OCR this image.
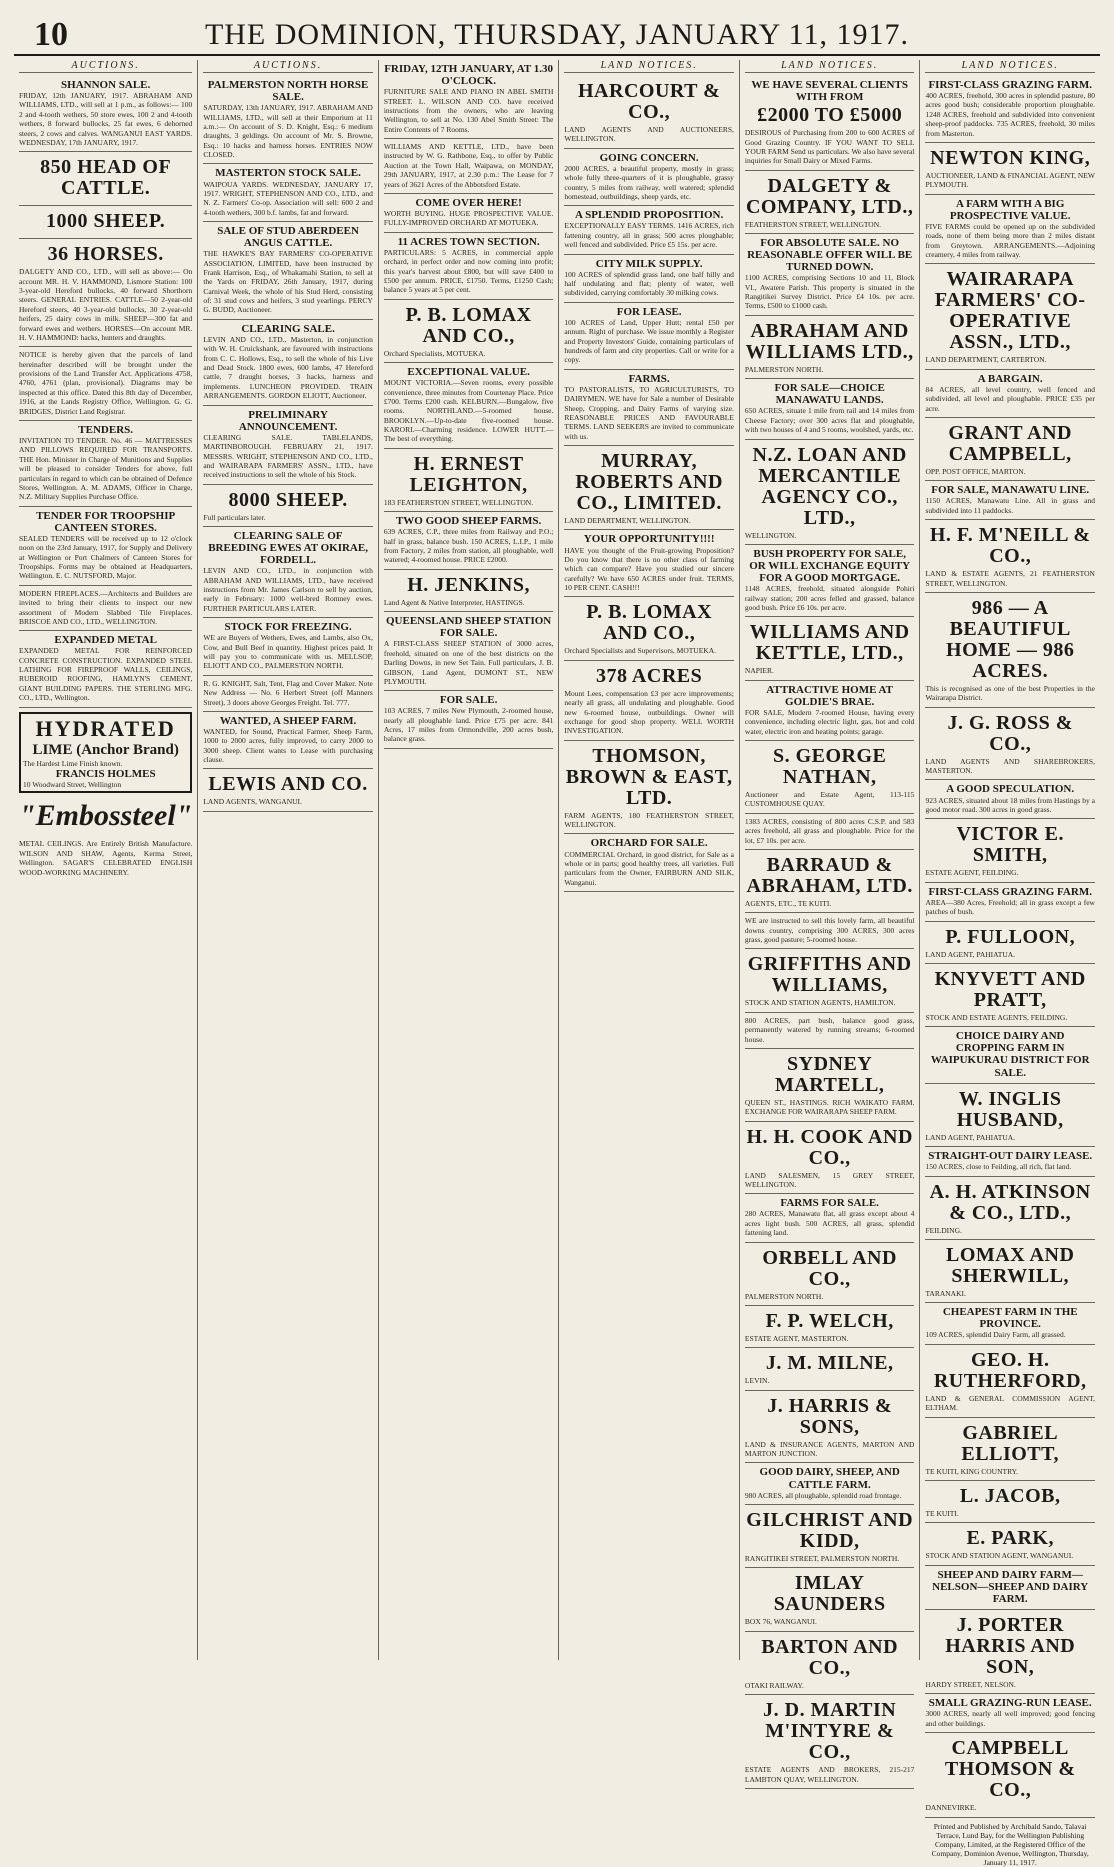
10	THE DOMINION, THURSDAY, JANUARY 11, 1917.
AUCTIONS.
SHANNON SALE.
FRIDAY, 12th JANUARY, 1917. ABRAHAM AND WILLIAMS, LTD., will sell at 1 p.m., as follows:— 100 2 and 4-tooth wethers, 50 store ewes, 100 2 and 4-tooth wethers, 8 forward bullocks, 25 fat ewes, 6 dehorned steers, 2 cows and calves. WANGANUI EAST YARDS. WEDNESDAY, 17th JANUARY, 1917.
850 HEAD OF CATTLE.
1000 SHEEP.
36 HORSES.
DALGETY AND CO., LTD., will sell as above:— On account MR. H. V. HAMMOND, Lismore Station: 100 3-year-old Hereford bullocks, 40 forward Shorthorn steers. GENERAL ENTRIES. CATTLE—50 2-year-old Hereford steers, 40 3-year-old bullocks, 30 2-year-old heifers, 25 dairy cows in milk. SHEEP—300 fat and forward ewes and wethers. HORSES—On account MR. H. V. HAMMOND: hacks, hunters and draughts.
NOTICE is hereby given that the parcels of land hereinafter described will be brought under the provisions of the Land Transfer Act. Applications 4758, 4760, 4761 (plan, provisional). Diagrams may be inspected at this office. Dated this 8th day of December, 1916, at the Lands Registry Office, Wellington. G. G. BRIDGES, District Land Registrar.
TENDERS.
INVITATION TO TENDER. No. 46 — MATTRESSES AND PILLOWS REQUIRED FOR TRANSPORTS. THE Hon. Minister in Charge of Munitions and Supplies will be pleased to consider Tenders for above, full particulars in regard to which can be obtained of Defence Stores, Wellington. A. M. ADAMS, Officer in Charge, N.Z. Military Supplies Purchase Office.
TENDER FOR TROOPSHIP CANTEEN STORES.
SEALED TENDERS will be received up to 12 o'clock noon on the 23rd January, 1917, for Supply and Delivery at Wellington or Port Chalmers of Canteen Stores for Troopships. Forms may be obtained at Headquarters, Wellington. E. C. NUTSFORD, Major.
MODERN FIREPLACES.—Architects and Builders are invited to bring their clients to inspect our new assortment of Modern Slabbed Tile Fireplaces. BRISCOE AND CO., LTD., WELLINGTON.
EXPANDED METAL
EXPANDED METAL FOR REINFORCED CONCRETE CONSTRUCTION. EXPANDED STEEL LATHING FOR FIREPROOF WALLS, CEILINGS, RUBEROID ROOFING, HAMLYN'S CEMENT, GIANT BUILDING PAPERS. THE STERLING MFG. CO., LTD., Wellington.
HYDRATED
LIME (Anchor Brand)
The Hardest Lime Finish known.
FRANCIS HOLMES
10 Woodward Street, Wellington
"Embossteel"
METAL CEILINGS. Are Entirely British Manufacture. WILSON AND SHAW, Agents, Kerma Street, Wellington. SAGAR'S CELEBRATED ENGLISH WOOD-WORKING MACHINERY.
AUCTIONS.
PALMERSTON NORTH HORSE SALE.
SATURDAY, 13th JANUARY, 1917. ABRAHAM AND WILLIAMS, LTD., will sell at their Emporium at 11 a.m.:— On account of S. D. Knight, Esq.: 6 medium draughts, 3 geldings. On account of Mr. S. Browne, Esq.: 10 hacks and harness horses. ENTRIES NOW CLOSED.
MASTERTON STOCK SALE.
WAIPOUA YARDS. WEDNESDAY, JANUARY 17, 1917. WRIGHT, STEPHENSON AND CO., LTD., and N. Z. Farmers' Co-op. Association will sell: 600 2 and 4-tooth wethers, 300 b.f. lambs, fat and forward.
SALE OF STUD ABERDEEN ANGUS CATTLE.
THE HAWKE'S BAY FARMERS' CO-OPERATIVE ASSOCIATION, LIMITED, have been instructed by Frank Harrison, Esq., of Whakamahi Station, to sell at the Yards on FRIDAY, 26th January, 1917, during Carnival Week, the whole of his Stud Herd, consisting of: 31 stud cows and heifers, 3 stud yearlings. PERCY G. BUDD, Auctioneer.
CLEARING SALE.
LEVIN AND CO., LTD., Masterton, in conjunction with W. H. Cruickshank, are favoured with instructions from C. C. Hollows, Esq., to sell the whole of his Live and Dead Stock. 1800 ewes, 600 lambs, 47 Hereford cattle, 7 draught horses, 3 hacks, harness and implements. LUNCHEON PROVIDED. TRAIN ARRANGEMENTS. GORDON ELIOTT, Auctioneer.
PRELIMINARY ANNOUNCEMENT.
CLEARING SALE. TABLELANDS, MARTINBOROUGH. FEBRUARY 21, 1917. MESSRS. WRIGHT, STEPHENSON AND CO., LTD., and WAIRARAPA FARMERS' ASSN., LTD., have received instructions to sell the whole of his Stock.
8000 SHEEP.
Full particulars later.
CLEARING SALE OF BREEDING EWES AT OKIRAE, FORDELL.
LEVIN AND CO., LTD., in conjunction with ABRAHAM AND WILLIAMS, LTD., have received instructions from Mr. James Carlson to sell by auction, early in February: 1000 well-bred Romney ewes. FURTHER PARTICULARS LATER.
STOCK FOR FREEZING.
WE are Buyers of Wethers, Ewes, and Lambs, also Ox, Cow, and Bull Beef in quantity. Highest prices paid. It will pay you to communicate with us. MELLSOP, ELIOTT AND CO., PALMERSTON NORTH.
R. G. KNIGHT, Salt, Tent, Flag and Cover Maker. Note New Address — No. 6 Herbert Street (off Manners Street), 3 doors above Georges Freight. Tel. 777.
WANTED, A SHEEP FARM.
WANTED, for Sound, Practical Farmer, Sheep Farm, 1000 to 2000 acres, fully improved, to carry 2000 to 3000 sheep. Client wants to Lease with purchasing clause.
LEWIS AND CO.
LAND AGENTS, WANGANUI.
FRIDAY, 12TH JANUARY, AT 1.30 O'CLOCK.
FURNITURE SALE AND PIANO IN ABEL SMITH STREET. L. WILSON AND CO. have received instructions from the owners, who are leaving Wellington, to sell at No. 130 Abel Smith Street: The Entire Contents of 7 Rooms.
WILLIAMS AND KETTLE, LTD., have been instructed by W. G. Rathbone, Esq., to offer by Public Auction at the Town Hall, Waipawa, on MONDAY, 29th JANUARY, 1917, at 2.30 p.m.: The Lease for 7 years of 3621 Acres of the Abbotsford Estate.
COME OVER HERE!
WORTH BUYING. HUGE PROSPECTIVE VALUE. FULLY-IMPROVED ORCHARD AT MOTUEKA.
11 ACRES TOWN SECTION.
PARTICULARS: 5 ACRES, in commercial apple orchard, in perfect order and now coming into profit; this year's harvest about £800, but will save £400 to £500 per annum. PRICE, £1750. Terms, £1250 Cash; balance 5 years at 5 per cent.
P. B. LOMAX AND CO.,
Orchard Specialists, MOTUEKA.
EXCEPTIONAL VALUE.
MOUNT VICTORIA.—Seven rooms, every possible convenience, three minutes from Courtenay Place. Price £700. Terms £200 cash. KELBURN.—Bungalow, five rooms. NORTHLAND.—5-roomed house. BROOKLYN.—Up-to-date five-roomed house. KARORI.—Charming residence. LOWER HUTT.—The best of everything.
H. ERNEST LEIGHTON,
183 FEATHERSTON STREET, WELLINGTON.
TWO GOOD SHEEP FARMS.
639 ACRES, C.P., three miles from Railway and P.O.; half in grass, balance bush. 150 ACRES, L.I.P., 1 mile from Factory, 2 miles from station, all ploughable, well watered; 4-roomed house. PRICE £2000.
H. JENKINS,
Land Agent & Native Interpreter, HASTINGS.
QUEENSLAND SHEEP STATION FOR SALE.
A FIRST-CLASS SHEEP STATION of 3000 acres, freehold, situated on one of the best districts on the Darling Downs, in new Set Tain. Full particulars, J. B. GIBSON, Land Agent, DUMONT ST., NEW PLYMOUTH.
FOR SALE.
103 ACRES, 7 miles New Plymouth, 2-roomed house, nearly all ploughable land. Price £75 per acre. 841 Acres, 17 miles from Ormondville, 200 acres bush, balance grass.
LAND NOTICES.
HARCOURT & CO.,
LAND AGENTS AND AUCTIONEERS, WELLINGTON.
GOING CONCERN.
2000 ACRES, a beautiful property, mostly in grass; whole fully three-quarters of it is ploughable, grassy country, 5 miles from railway, well watered; splendid homestead, outbuildings, sheep yards, etc.
A SPLENDID PROPOSITION.
EXCEPTIONALLY EASY TERMS. 1416 ACRES, rich fattening country, all in grass; 500 acres ploughable; well fenced and subdivided. Price £5 15s. per acre.
CITY MILK SUPPLY.
100 ACRES of splendid grass land, one half hilly and half undulating and flat; plenty of water, well subdivided, carrying comfortably 30 milking cows.
FOR LEASE.
100 ACRES of Land, Upper Hutt; rental £50 per annum. Right of purchase. We issue monthly a Register and Property Investors' Guide, containing particulars of hundreds of farm and city properties. Call or write for a copy.
FARMS.
TO PASTORALISTS, TO AGRICULTURISTS, TO DAIRYMEN. WE have for Sale a number of Desirable Sheep, Cropping, and Dairy Farms of varying size. REASONABLE PRICES AND FAVOURABLE TERMS. LAND SEEKERS are invited to communicate with us.
MURRAY, ROBERTS AND CO., LIMITED.
LAND DEPARTMENT, WELLINGTON.
YOUR OPPORTUNITY!!!!
HAVE you thought of the Fruit-growing Proposition? Do you know that there is no other class of farming which can compare? Have you studied our sincere carefully? We have 650 ACRES under fruit. TERMS, 10 PER CENT. CASH!!!
P. B. LOMAX AND CO.,
Orchard Specialists and Supervisors, MOTUEKA.
378 ACRES
Mount Lees, compensation £3 per acre improvements; nearly all grass, all undulating and ploughable. Good new 6-roomed house, outbuildings. Owner will exchange for good shop property. WELL WORTH INVESTIGATION.
THOMSON, BROWN & EAST, LTD.
FARM AGENTS, 180 FEATHERSTON STREET, WELLINGTON.
ORCHARD FOR SALE.
COMMERCIAL Orchard, in good district, for Sale as a whole or in parts; good healthy trees, all varieties. Full particulars from the Owner, FAIRBURN AND SILK, Wanganui.
LAND NOTICES.
WE HAVE SEVERAL CLIENTS WITH FROM
£2000 TO £5000
DESIROUS of Purchasing from 200 to 600 ACRES of Good Grazing Country. IF YOU WANT TO SELL YOUR FARM Send us particulars. We also have several inquiries for Small Dairy or Mixed Farms.
DALGETY & COMPANY, LTD.,
FEATHERSTON STREET, WELLINGTON.
FOR ABSOLUTE SALE. NO REASONABLE OFFER WILL BE TURNED DOWN.
1100 ACRES, comprising Sections 10 and 11, Block VI., Awatere Parish. This property is situated in the Rangitikei Survey District. Price £4 10s. per acre. Terms, £500 to £1000 cash.
ABRAHAM AND WILLIAMS LTD.,
PALMERSTON NORTH.
FOR SALE—CHOICE MANAWATU LANDS.
650 ACRES, situate 1 mile from rail and 14 miles from Cheese Factory; over 300 acres flat and ploughable, with two houses of 4 and 5 rooms, woolshed, yards, etc.
N.Z. LOAN AND MERCANTILE AGENCY CO., LTD.,
WELLINGTON.
BUSH PROPERTY FOR SALE, OR WILL EXCHANGE EQUITY FOR A GOOD MORTGAGE.
1148 ACRES, freehold, situated alongside Pohiri railway station; 200 acres felled and grassed, balance good bush. Price £6 10s. per acre.
WILLIAMS AND KETTLE, LTD.,
NAPIER.
ATTRACTIVE HOME AT GOLDIE'S BRAE.
FOR SALE, Modern 7-roomed House, having every convenience, including electric light, gas, hot and cold water, electric iron and heating points; garage.
S. GEORGE NATHAN,
Auctioneer and Estate Agent, 113-115 CUSTOMHOUSE QUAY.
1383 ACRES, consisting of 800 acres C.S.P. and 583 acres freehold, all grass and ploughable. Price for the lot, £7 10s. per acre.
BARRAUD & ABRAHAM, LTD.
AGENTS, ETC., TE KUITI.
WE are instructed to sell this lovely farm, all beautiful downs country, comprising 300 ACRES, 300 acres grass, good pasture; 5-roomed house.
GRIFFITHS AND WILLIAMS,
STOCK AND STATION AGENTS, HAMILTON.
800 ACRES, part bush, balance good grass, permanently watered by running streams; 6-roomed house.
SYDNEY MARTELL,
QUEEN ST., HASTINGS. RICH WAIKATO FARM. EXCHANGE FOR WAIRARAPA SHEEP FARM.
H. H. COOK AND CO.,
LAND SALESMEN, 15 GREY STREET, WELLINGTON.
FARMS FOR SALE.
280 ACRES, Manawatu flat, all grass except about 4 acres light bush. 500 ACRES, all grass, splendid fattening land.
ORBELL AND CO.,
PALMERSTON NORTH.
F. P. WELCH,
ESTATE AGENT, MASTERTON.
J. M. MILNE,
LEVIN.
J. HARRIS & SONS,
LAND & INSURANCE AGENTS, MARTON AND MARTON JUNCTION.
GOOD DAIRY, SHEEP, AND CATTLE FARM.
980 ACRES, all ploughable, splendid road frontage.
GILCHRIST AND KIDD,
RANGITIKEI STREET, PALMERSTON NORTH.
IMLAY SAUNDERS
BOX 76, WANGANUI.
BARTON AND CO.,
OTAKI RAILWAY.
J. D. MARTIN M'INTYRE & CO.,
ESTATE AGENTS AND BROKERS, 215-217 LAMBTON QUAY, WELLINGTON.
LAND NOTICES.
FIRST-CLASS GRAZING FARM.
400 ACRES, freehold, 300 acres in splendid pasture, 80 acres good bush; considerable proportion ploughable. 1248 ACRES, freehold and subdivided into convenient sheep-proof paddocks. 735 ACRES, freehold, 30 miles from Masterton.
NEWTON KING,
AUCTIONEER, LAND & FINANCIAL AGENT, NEW PLYMOUTH.
A FARM WITH A BIG PROSPECTIVE VALUE.
FIVE FARMS could be opened up on the subdivided roads, none of them being more than 2 miles distant from Greytown. ARRANGEMENTS.—Adjoining creamery, 4 miles from railway.
WAIRARAPA FARMERS' CO-OPERATIVE ASSN., LTD.,
LAND DEPARTMENT, CARTERTON.
A BARGAIN.
84 ACRES, all level country, well fenced and subdivided, all level and ploughable. PRICE £35 per acre.
GRANT AND CAMPBELL,
OPP. POST OFFICE, MARTON.
FOR SALE, MANAWATU LINE.
1150 ACRES, Manawatu Line. All in grass and subdivided into 11 paddocks.
H. F. M'NEILL & CO.,
LAND & ESTATE AGENTS, 21 FEATHERSTON STREET, WELLINGTON.
986 — A BEAUTIFUL HOME — 986 ACRES.
This is recognised as one of the best Properties in the Wairarapa District.
J. G. ROSS & CO.,
LAND AGENTS AND SHAREBROKERS, MASTERTON.
A GOOD SPECULATION.
923 ACRES, situated about 18 miles from Hastings by a good motor road. 300 acres in good grass.
VICTOR E. SMITH,
ESTATE AGENT, FEILDING.
FIRST-CLASS GRAZING FARM.
AREA—380 Acres, Freehold; all in grass except a few patches of bush.
P. FULLOON,
LAND AGENT, PAHIATUA.
KNYVETT AND PRATT,
STOCK AND ESTATE AGENTS, FEILDING.
CHOICE DAIRY AND CROPPING FARM IN WAIPUKURAU DISTRICT FOR SALE.
W. INGLIS HUSBAND,
LAND AGENT, PAHIATUA.
STRAIGHT-OUT DAIRY LEASE.
150 ACRES, close to Feilding, all rich, flat land.
A. H. ATKINSON & CO., LTD.,
FEILDING.
LOMAX AND SHERWILL,
TARANAKI.
CHEAPEST FARM IN THE PROVINCE.
109 ACRES, splendid Dairy Farm, all grassed.
GEO. H. RUTHERFORD,
LAND & GENERAL COMMISSION AGENT, ELTHAM.
GABRIEL ELLIOTT,
TE KUITI, KING COUNTRY.
L. JACOB,
TE KUITI.
E. PARK,
STOCK AND STATION AGENT, WANGANUI.
SHEEP AND DAIRY FARM—NELSON—SHEEP AND DAIRY FARM.
J. PORTER HARRIS AND SON,
HARDY STREET, NELSON.
SMALL GRAZING-RUN LEASE.
3000 ACRES, nearly all well improved; good fencing and other buildings.
CAMPBELL THOMSON & CO.,
DANNEVIRKE.
Printed and Published by Archibald Sando, Talavai Terrace, Lund Bay, for the Wellington Publishing Company, Limited, at the Registered Office of the Company, Dominion Avenue, Wellington, Thursday, January 11, 1917.
